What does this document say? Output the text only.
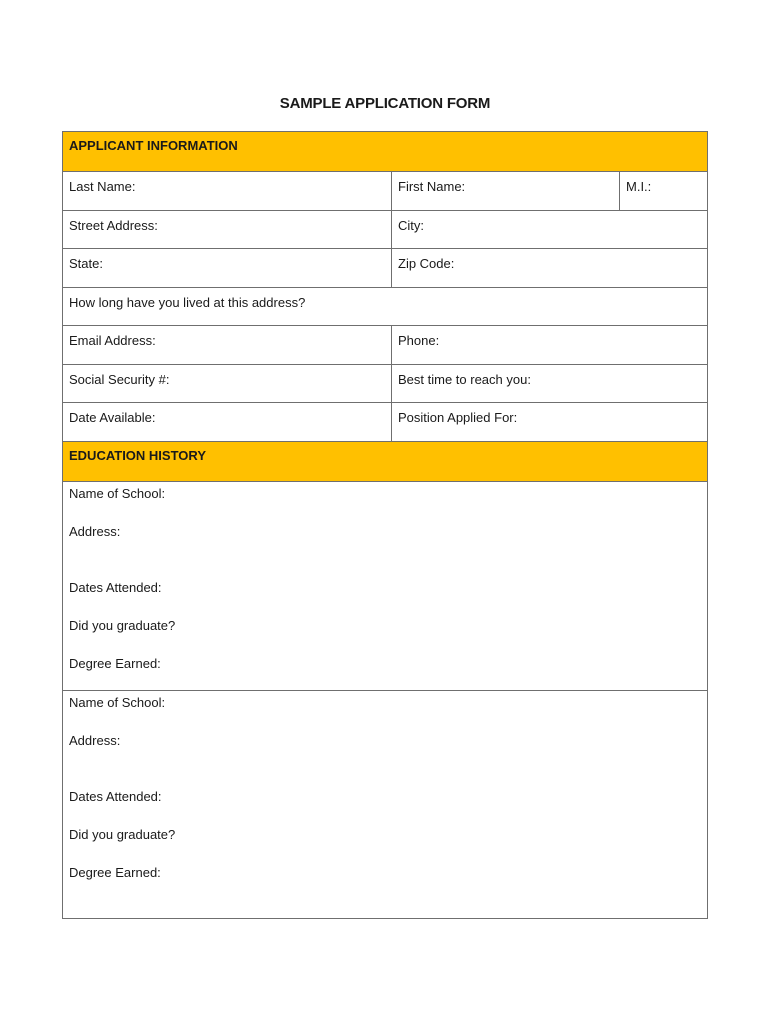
SAMPLE APPLICATION FORM
APPLICANT INFORMATION
Last Name:	First Name:	M.I.:
Street Address:	City:
State:	Zip Code:
How long have you lived at this address?
Email Address:	Phone:
Social Security #:	Best time to reach you:
Date Available:	Position Applied For:
EDUCATION HISTORY
Name of School:
Address:
Dates Attended:
Did you graduate?
Degree Earned:
Name of School:
Address:
Dates Attended:
Did you graduate?
Degree Earned:
